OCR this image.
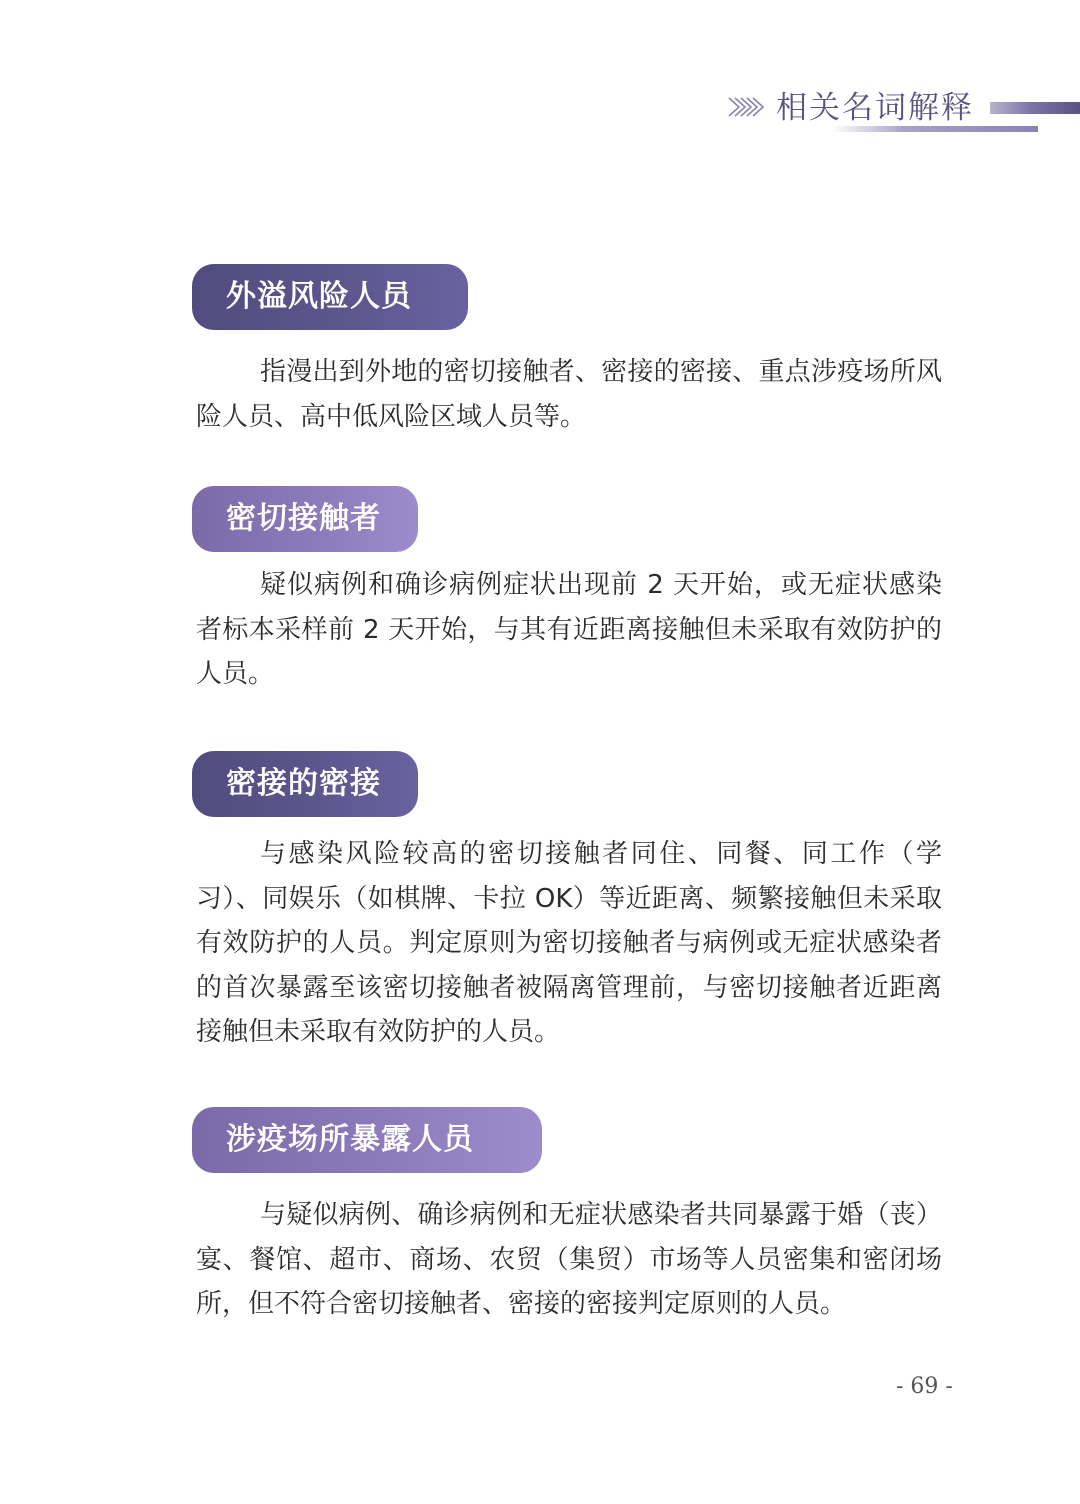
相关名词解释
外溢风险人员

指漫出到外地的密切接触者、密接的密接、重点涉疫场所风险人员、高中低风险区域人员等。

密切接触者

疑似病例和确诊病例症状出现前 2 天开始，或无症状感染者标本采样前 2 天开始，与其有近距离接触但未采取有效防护的人员。

密接的密接

与感染风险较高的密切接触者同住、同餐、同工作（学习）、同娱乐（如棋牌、卡拉 OK）等近距离、频繁接触但未采取有效防护的人员。判定原则为密切接触者与病例或无症状感染者的首次暴露至该密切接触者被隔离管理前，与密切接触者近距离接触但未采取有效防护的人员。

涉疫场所暴露人员

与疑似病例、确诊病例和无症状感染者共同暴露于婚（丧）宴、餐馆、超市、商场、农贸（集贸）市场等人员密集和密闭场所，但不符合密切接触者、密接的密接判定原则的人员。

- 69 -
